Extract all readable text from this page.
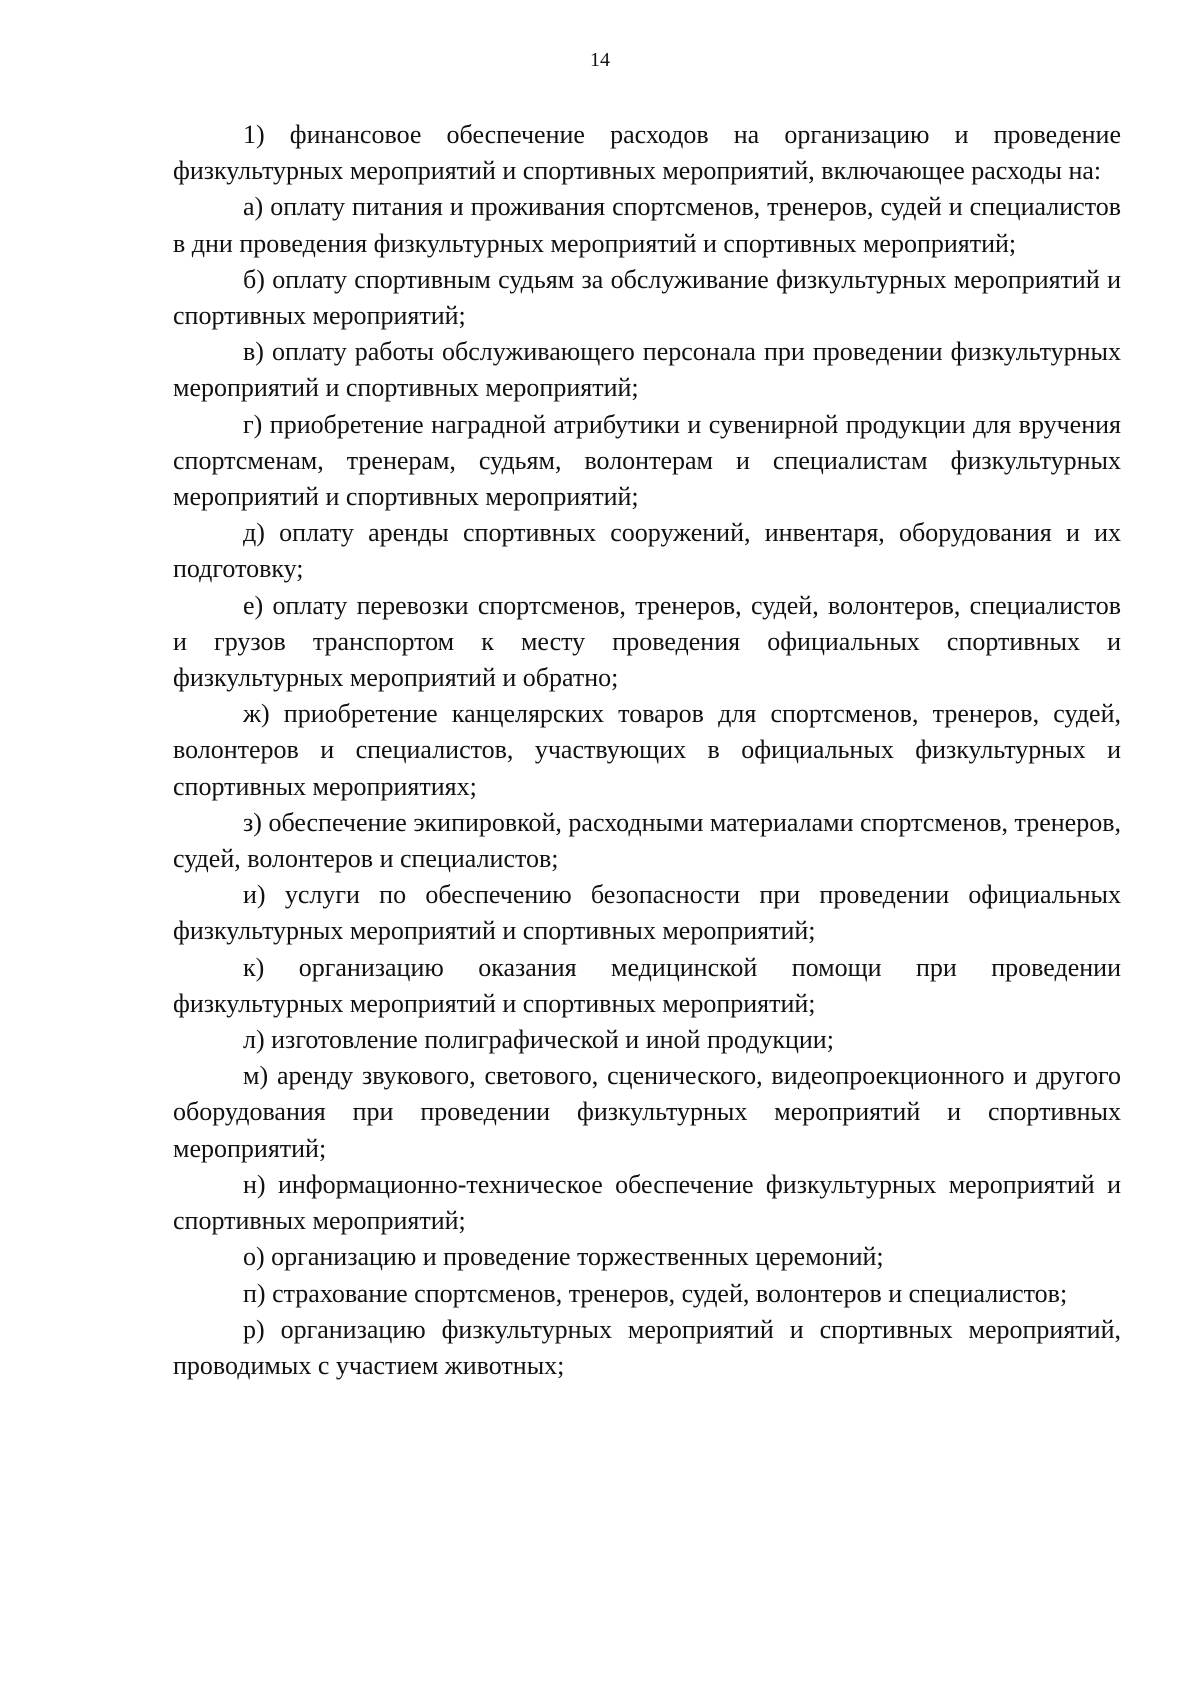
14

1) финансовое обеспечение расходов на организацию и проведение физкультурных мероприятий и спортивных мероприятий, включающее расходы на:

а) оплату питания и проживания спортсменов, тренеров, судей и специалистов в дни проведения физкультурных мероприятий и спортивных мероприятий;

б) оплату спортивным судьям за обслуживание физкультурных мероприятий и спортивных мероприятий;

в) оплату работы обслуживающего персонала при проведении физкультурных мероприятий и спортивных мероприятий;

г) приобретение наградной атрибутики и сувенирной продукции для вручения спортсменам, тренерам, судьям, волонтерам и специалистам физкультурных мероприятий и спортивных мероприятий;

д) оплату аренды спортивных сооружений, инвентаря, оборудования и их подготовку;

е) оплату перевозки спортсменов, тренеров, судей, волонтеров, специалистов и грузов транспортом к месту проведения официальных спортивных и физкультурных мероприятий и обратно;

ж) приобретение канцелярских товаров для спортсменов, тренеров, судей, волонтеров и специалистов, участвующих в официальных физкультурных и спортивных мероприятиях;

з) обеспечение экипировкой, расходными материалами спортсменов, тренеров, судей, волонтеров и специалистов;

и) услуги по обеспечению безопасности при проведении официальных физкультурных мероприятий и спортивных мероприятий;

к) организацию оказания медицинской помощи при проведении физкультурных мероприятий и спортивных мероприятий;

л) изготовление полиграфической и иной продукции;

м) аренду звукового, светового, сценического, видеопроекционного и другого оборудования при проведении физкультурных мероприятий и спортивных мероприятий;

н) информационно-техническое обеспечение физкультурных мероприятий и спортивных мероприятий;

о) организацию и проведение торжественных церемоний;

п) страхование спортсменов, тренеров, судей, волонтеров и специалистов;

р) организацию физкультурных мероприятий и спортивных мероприятий, проводимых с участием животных;
